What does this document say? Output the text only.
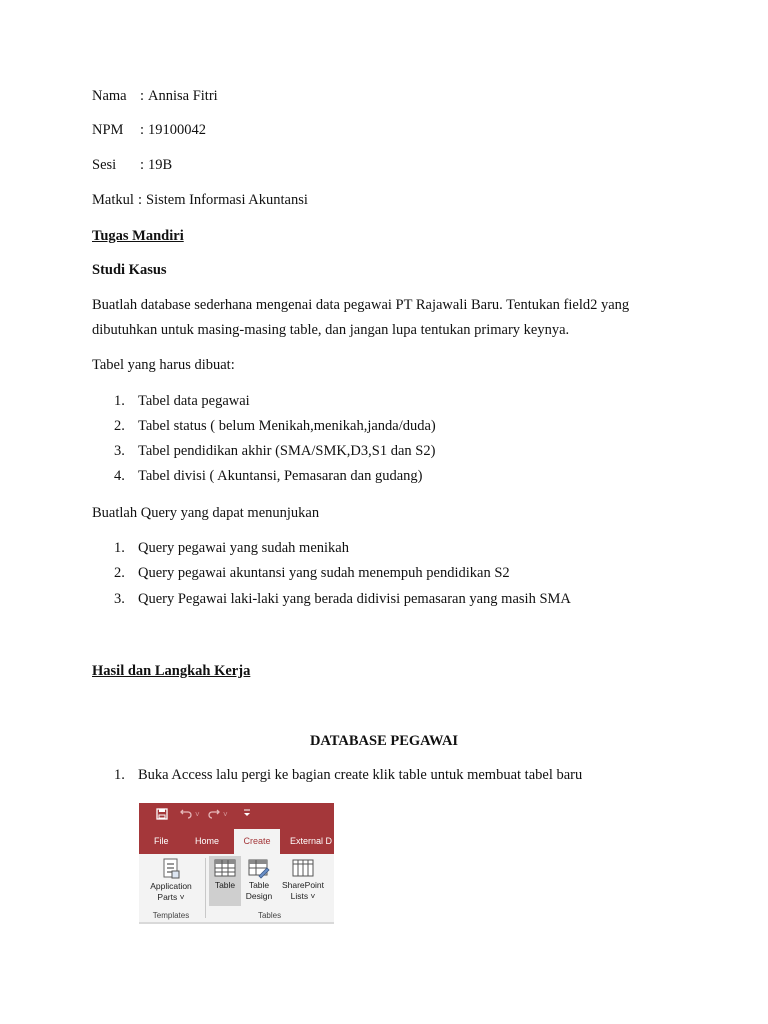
Nama : Annisa Fitri
NPM : 19100042
Sesi : 19B
Matkul : Sistem Informasi Akuntansi
Tugas Mandiri
Studi Kasus
Buatlah database sederhana mengenai data pegawai PT Rajawali Baru. Tentukan field2 yang
dibutuhkan untuk masing-masing table, dan jangan lupa tentukan primary keynya.
Tabel yang harus dibuat:
1. Tabel data pegawai
2. Tabel status ( belum Menikah,menikah,janda/duda)
3. Tabel pendidikan akhir (SMA/SMK,D3,S1 dan S2)
4. Tabel divisi ( Akuntansi, Pemasaran dan gudang)
Buatlah Query yang dapat menunjukan
1. Query pegawai yang sudah menikah
2. Query pegawai akuntansi yang sudah menempuh pendidikan S2
3. Query Pegawai laki-laki yang berada didivisi pemasaran yang masih SMA
Hasil dan Langkah Kerja
DATABASE PEGAWAI
1. Buka Access lalu pergi ke bagian create klik table untuk membuat tabel baru
˅	˅
File	Home	Create	External D
Application
Parts ˅
Templates
Table	Table
Design
SharePoint
Lists ˅
Tables
